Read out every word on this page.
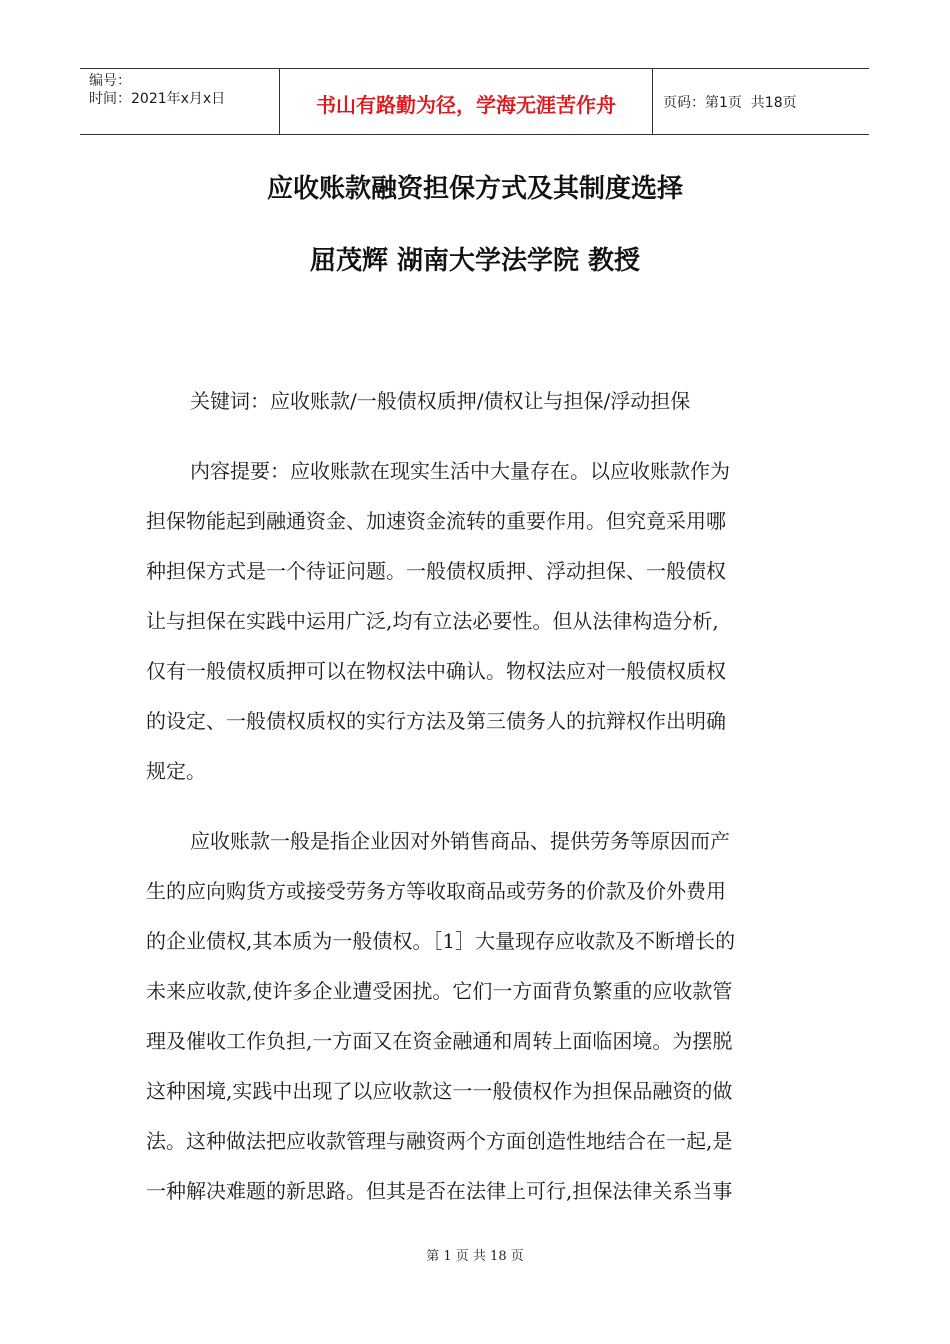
编号：
时间：2021年x月x日	书山有路勤为径，学海无涯苦作舟	页码：第1页  共18页
应收账款融资担保方式及其制度选择
屈茂辉 湖南大学法学院 教授
关键词：应收账款/一般债权质押/债权让与担保/浮动担保
内容提要：应收账款在现实生活中大量存在。以应收账款作为
担保物能起到融通资金、加速资金流转的重要作用。但究竟采用哪
种担保方式是一个待证问题。一般债权质押、浮动担保、一般债权
让与担保在实践中运用广泛,均有立法必要性。但从法律构造分析,
仅有一般债权质押可以在物权法中确认。物权法应对一般债权质权
的设定、一般债权质权的实行方法及第三债务人的抗辩权作出明确
规定。
应收账款一般是指企业因对外销售商品、提供劳务等原因而产
生的应向购货方或接受劳务方等收取商品或劳务的价款及价外费用
的企业债权,其本质为一般债权。［1］大量现存应收款及不断增长的
未来应收款,使许多企业遭受困扰。它们一方面背负繁重的应收款管
理及催收工作负担,一方面又在资金融通和周转上面临困境。为摆脱
这种困境,实践中出现了以应收款这一一般债权作为担保品融资的做
法。这种做法把应收款管理与融资两个方面创造性地结合在一起,是
一种解决难题的新思路。但其是否在法律上可行,担保法律关系当事
第 1 页 共 18 页
